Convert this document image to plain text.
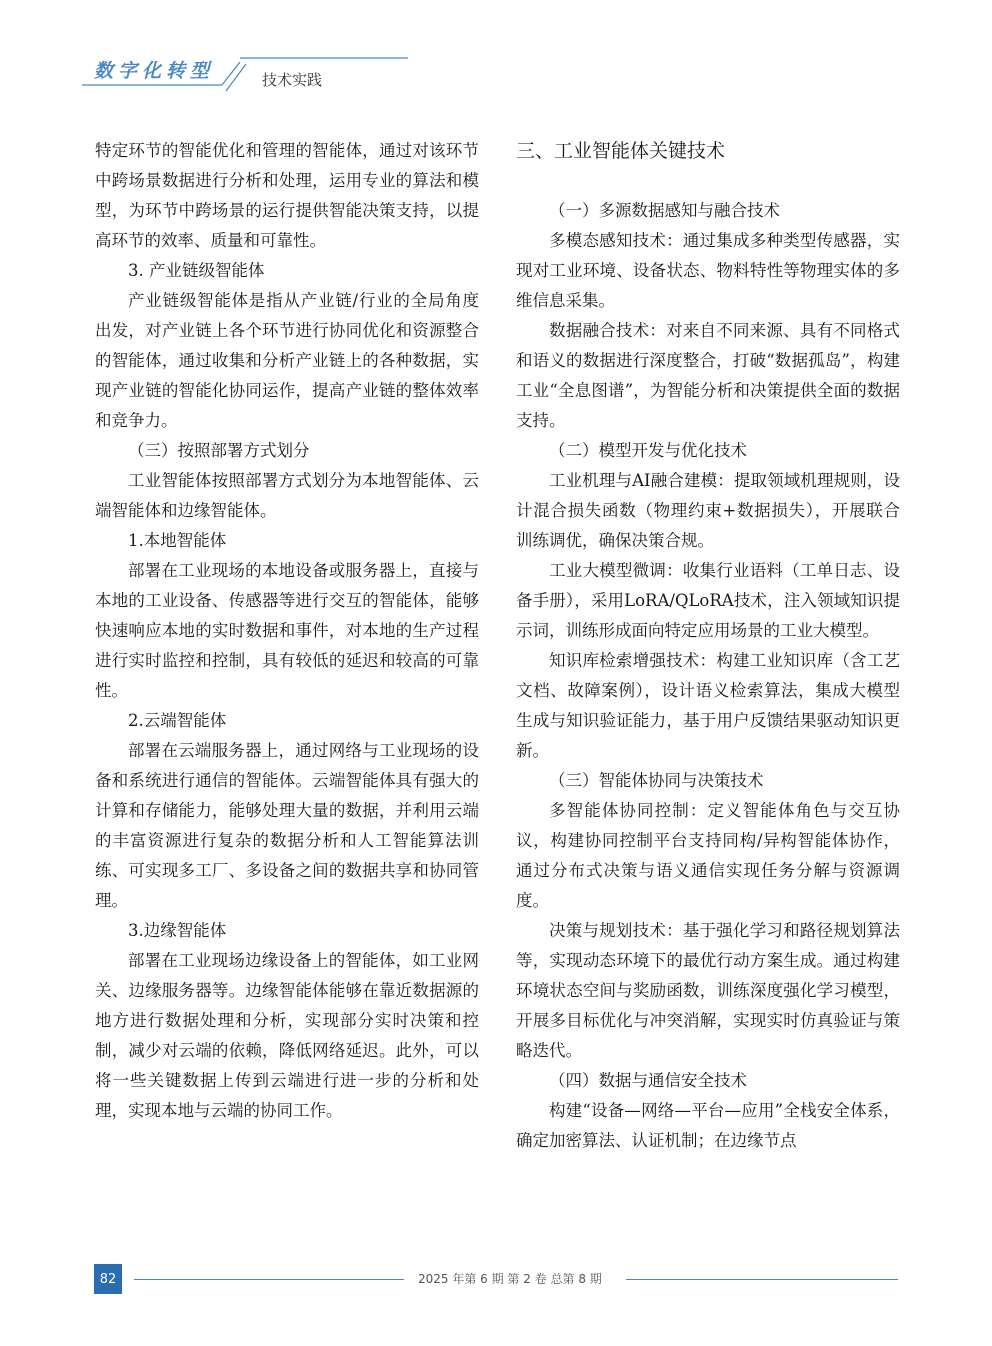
数字化转型	技术实践

特定环节的智能优化和管理的智能体，通过对该环节中跨场景数据进行分析和处理，运用专业的算法和模型，为环节中跨场景的运行提供智能决策支持，以提高环节的效率、质量和可靠性。

3. 产业链级智能体

产业链级智能体是指从产业链/行业的全局角度出发，对产业链上各个环节进行协同优化和资源整合的智能体，通过收集和分析产业链上的各种数据，实现产业链的智能化协同运作，提高产业链的整体效率和竞争力。

（三）按照部署方式划分

工业智能体按照部署方式划分为本地智能体、云端智能体和边缘智能体。

1.本地智能体

部署在工业现场的本地设备或服务器上，直接与本地的工业设备、传感器等进行交互的智能体，能够快速响应本地的实时数据和事件，对本地的生产过程进行实时监控和控制，具有较低的延迟和较高的可靠性。

2.云端智能体

部署在云端服务器上，通过网络与工业现场的设备和系统进行通信的智能体。云端智能体具有强大的计算和存储能力，能够处理大量的数据，并利用云端的丰富资源进行复杂的数据分析和人工智能算法训练、可实现多工厂、多设备之间的数据共享和协同管理。

3.边缘智能体

部署在工业现场边缘设备上的智能体，如工业网关、边缘服务器等。边缘智能体能够在靠近数据源的地方进行数据处理和分析，实现部分实时决策和控制，减少对云端的依赖，降低网络延迟。此外，可以将一些关键数据上传到云端进行进一步的分析和处理，实现本地与云端的协同工作。

三、工业智能体关键技术

（一）多源数据感知与融合技术

多模态感知技术：通过集成多种类型传感器，实现对工业环境、设备状态、物料特性等物理实体的多维信息采集。

数据融合技术：对来自不同来源、具有不同格式和语义的数据进行深度整合，打破“数据孤岛”，构建工业“全息图谱”，为智能分析和决策提供全面的数据支持。

（二）模型开发与优化技术

工业机理与AI融合建模：提取领域机理规则，设计混合损失函数（物理约束+数据损失），开展联合训练调优，确保决策合规。

工业大模型微调：收集行业语料（工单日志、设备手册），采用LoRA/QLoRA技术，注入领域知识提示词，训练形成面向特定应用场景的工业大模型。

知识库检索增强技术：构建工业知识库（含工艺文档、故障案例），设计语义检索算法，集成大模型生成与知识验证能力，基于用户反馈结果驱动知识更新。

（三）智能体协同与决策技术

多智能体协同控制：定义智能体角色与交互协议，构建协同控制平台支持同构/异构智能体协作，通过分布式决策与语义通信实现任务分解与资源调度。

决策与规划技术：基于强化学习和路径规划算法等，实现动态环境下的最优行动方案生成。通过构建环境状态空间与奖励函数，训练深度强化学习模型，开展多目标优化与冲突消解，实现实时仿真验证与策略迭代。

（四）数据与通信安全技术

构建“设备—网络—平台—应用”全栈安全体系，确定加密算法、认证机制；在边缘节点

82	2025 年第 6 期 第 2 卷 总第 8 期
